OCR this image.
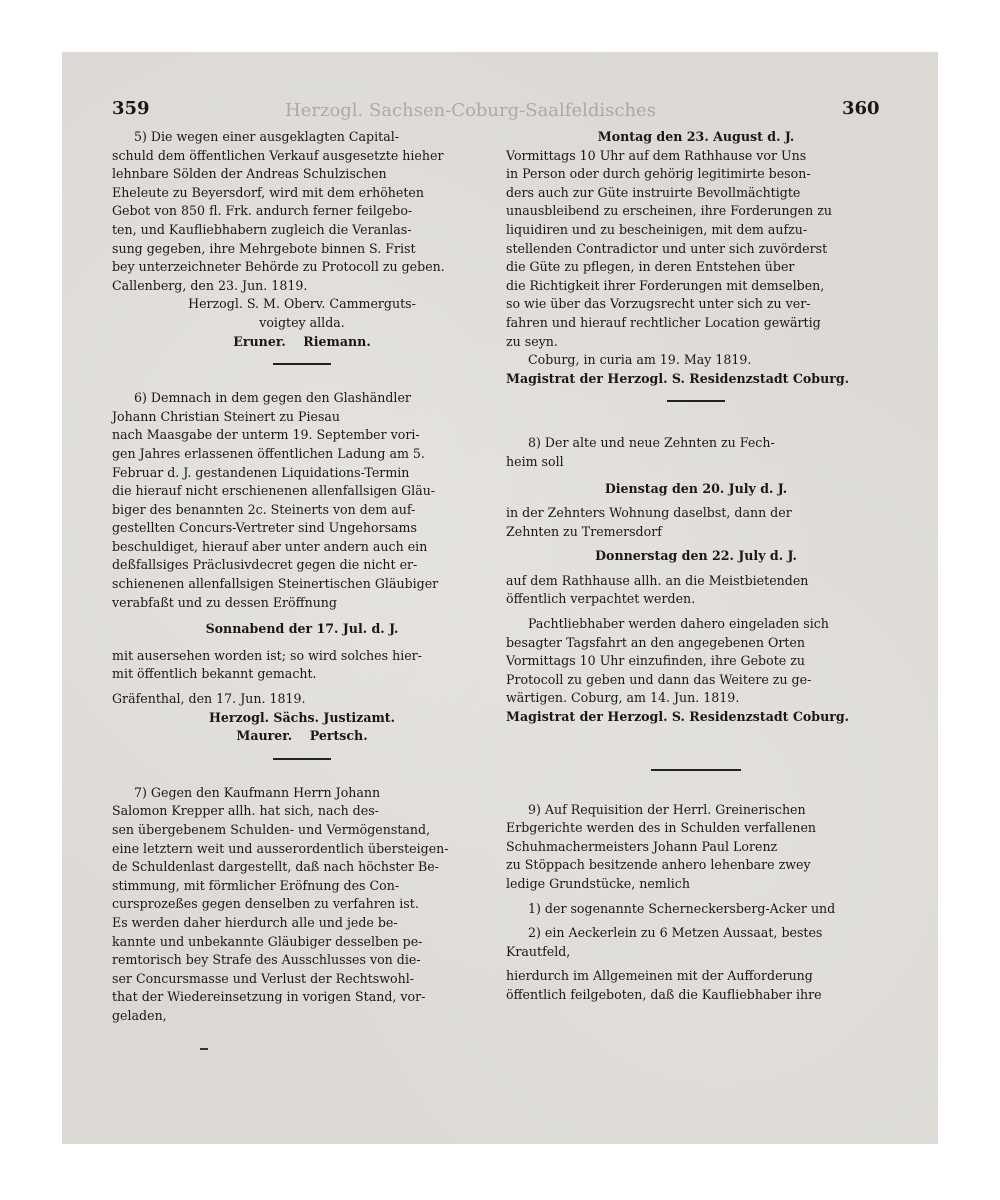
359	360
Herzogl. Sachsen-Coburg-Saalfeldisches

5) Die wegen einer ausgeklagten Capital-
schuld dem öffentlichen Verkauf ausgesetzte hieher
lehnbare Sölden der Andreas Schulzischen
Eheleute zu Beyersdorf, wird mit dem erhöheten
Gebot von 850 fl. Frk. andurch ferner feilgebo-
ten, und Kaufliebhabern zugleich die Veranlas-
sung gegeben, ihre Mehrgebote binnen S. Frist
bey unterzeichneter Behörde zu Protocoll zu geben.

Callenberg, den 23. Jun. 1819.

Herzogl. S. M. Oberv. Cammerguts-

voigtey allda.

Eruner.    Riemann.

6) Demnach in dem gegen den Glashändler
Johann Christian Steinert zu Piesau
nach Maasgabe der unterm 19. September vori-
gen Jahres erlassenen öffentlichen Ladung am 5.
Februar d. J. gestandenen Liquidations-Termin
die hierauf nicht erschienenen allenfallsigen Gläu-
biger des benannten 2c. Steinerts von dem auf-
gestellten Concurs-Vertreter sind Ungehorsams
beschuldiget, hierauf aber unter andern auch ein
deßfallsiges Präclusivdecret gegen die nicht er-
schienenen allenfallsigen Steinertischen Gläubiger
verabfaßt und zu dessen Eröffnung

Sonnabend der 17. Jul. d. J.

mit ausersehen worden ist; so wird solches hier-
mit öffentlich bekannt gemacht.

Gräfenthal, den 17. Jun. 1819.

Herzogl. Sächs. Justizamt.

Maurer.    Pertsch.

7) Gegen den Kaufmann Herrn Johann
Salomon Krepper allh. hat sich, nach des-
sen übergebenem Schulden- und Vermögenstand,
eine letztern weit und ausserordentlich übersteigen-
de Schuldenlast dargestellt, daß nach höchster Be-
stimmung, mit förmlicher Eröfnung des Con-
cursprozeßes gegen denselben zu verfahren ist.
Es werden daher hierdurch alle und jede be-
kannte und unbekannte Gläubiger desselben pe-
remtorisch bey Strafe des Ausschlusses von die-
ser Concursmasse und Verlust der Rechtswohl-
that der Wiedereinsetzung in vorigen Stand, vor-
geladen,

Montag den 23. August d. J.

Vormittags 10 Uhr auf dem Rathhause vor Uns
in Person oder durch gehörig legitimirte beson-
ders auch zur Güte instruirte Bevollmächtigte
unausbleibend zu erscheinen, ihre Forderungen zu
liquidiren und zu bescheinigen, mit dem aufzu-
stellenden Contradictor und unter sich zuvörderst
die Güte zu pflegen, in deren Entstehen über
die Richtigkeit ihrer Forderungen mit demselben,
so wie über das Vorzugsrecht unter sich zu ver-
fahren und hierauf rechtlicher Location gewärtig
zu seyn.

Coburg, in curia am 19. May 1819.

Magistrat der Herzogl. S. Residenzstadt Coburg.

8) Der alte und neue Zehnten zu Fech-
heim soll

Dienstag den 20. July d. J.

in der Zehnters Wohnung daselbst, dann der
Zehnten zu Tremersdorf

Donnerstag den 22. July d. J.

auf dem Rathhause allh. an die Meistbietenden
öffentlich verpachtet werden.

Pachtliebhaber werden dahero eingeladen sich
besagter Tagsfahrt an den angegebenen Orten
Vormittags 10 Uhr einzufinden, ihre Gebote zu
Protocoll zu geben und dann das Weitere zu ge-
wärtigen. Coburg, am 14. Jun. 1819.

Magistrat der Herzogl. S. Residenzstadt Coburg.

9) Auf Requisition der Herrl. Greinerischen
Erbgerichte werden des in Schulden verfallenen
Schuhmachermeisters Johann Paul Lorenz
zu Stöppach besitzende anhero lehenbare zwey
ledige Grundstücke, nemlich

1) der sogenannte Scherneckersberg-Acker und

2) ein Aeckerlein zu 6 Metzen Aussaat, bestes
Krautfeld,

hierdurch im Allgemeinen mit der Aufforderung
öffentlich feilgeboten, daß die Kaufliebhaber ihre
